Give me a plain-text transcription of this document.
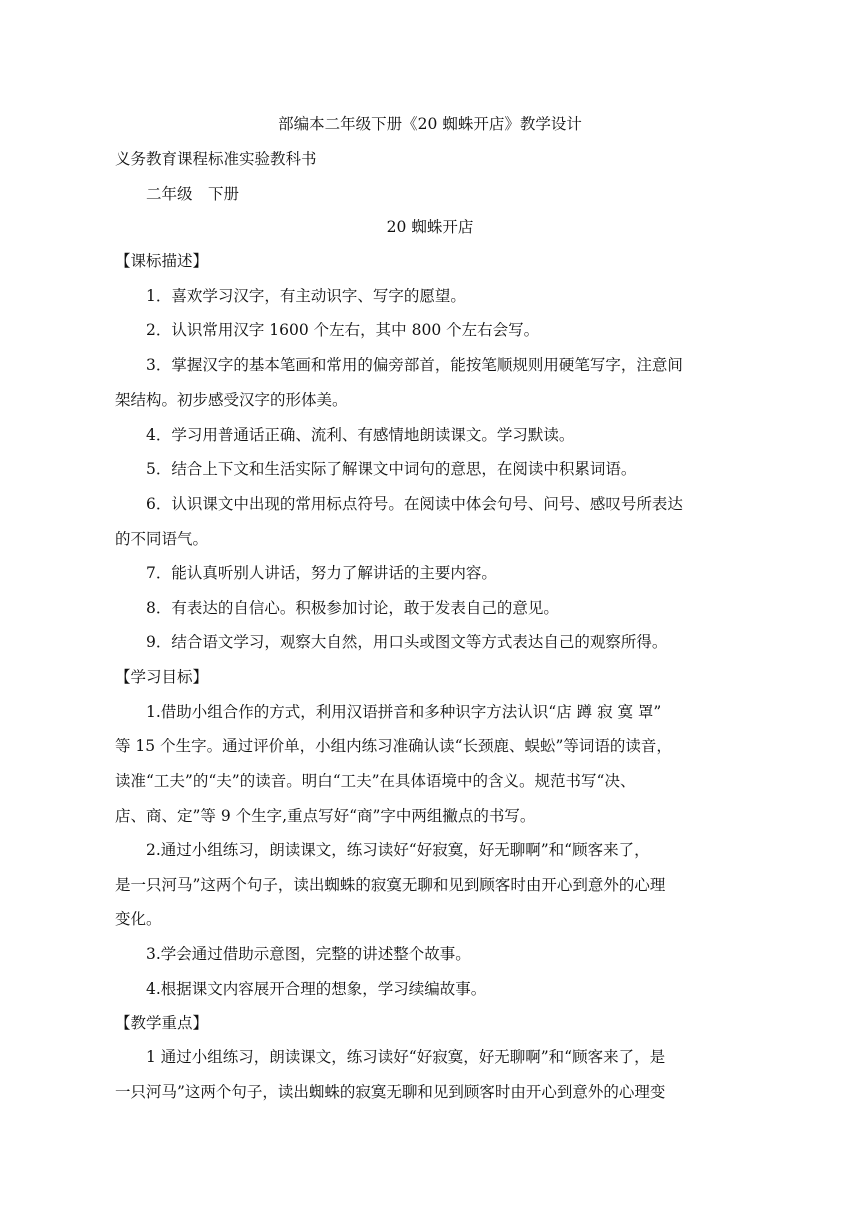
部编本二年级下册《20 蜘蛛开店》教学设计
义务教育课程标准实验教科书
二年级　下册
20 蜘蛛开店
【课标描述】
1．喜欢学习汉字，有主动识字、写字的愿望。
2．认识常用汉字 1600 个左右，其中 800 个左右会写。
3．掌握汉字的基本笔画和常用的偏旁部首，能按笔顺规则用硬笔写字，注意间
架结构。初步感受汉字的形体美。
4．学习用普通话正确、流利、有感情地朗读课文。学习默读。
5．结合上下文和生活实际了解课文中词句的意思，在阅读中积累词语。
6．认识课文中出现的常用标点符号。在阅读中体会句号、问号、感叹号所表达
的不同语气。
7．能认真听别人讲话，努力了解讲话的主要内容。
8．有表达的自信心。积极参加讨论，敢于发表自己的意见。
9．结合语文学习，观察大自然，用口头或图文等方式表达自己的观察所得。
【学习目标】
1.借助小组合作的方式，利用汉语拼音和多种识字方法认识“店 蹲 寂 寞 罩”
等 15 个生字。通过评价单，小组内练习准确认读“长颈鹿、蜈蚣”等词语的读音，
读准“工夫”的“夫”的读音。明白“工夫”在具体语境中的含义。规范书写“决、
店、商、定”等 9 个生字,重点写好“商”字中两组撇点的书写。
2.通过小组练习，朗读课文，练习读好“好寂寞，好无聊啊”和“顾客来了，
是一只河马”这两个句子，读出蜘蛛的寂寞无聊和见到顾客时由开心到意外的心理
变化。
3.学会通过借助示意图，完整的讲述整个故事。
4.根据课文内容展开合理的想象，学习续编故事。
【教学重点】
1 通过小组练习，朗读课文，练习读好“好寂寞，好无聊啊”和“顾客来了，是
一只河马”这两个句子，读出蜘蛛的寂寞无聊和见到顾客时由开心到意外的心理变
